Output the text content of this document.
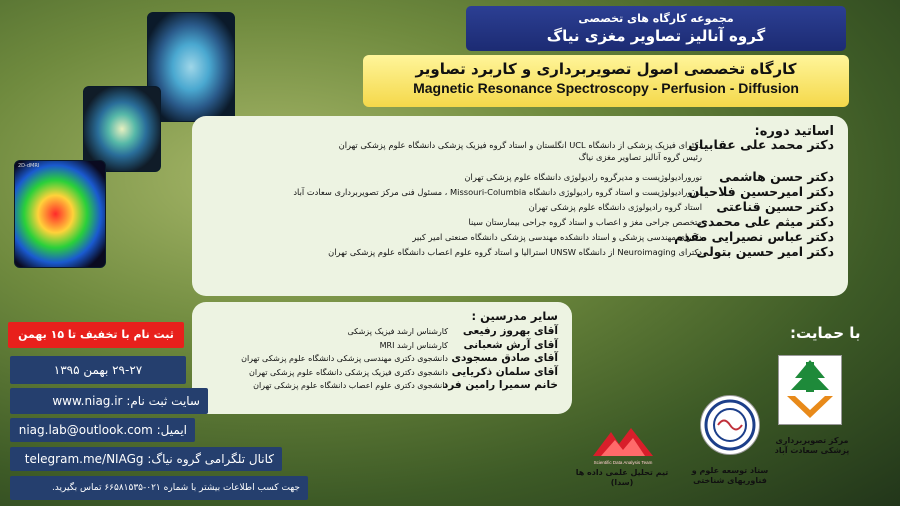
2D-dMRI
مجموعه کارگاه های تخصصی
گروه آنالیز تصاویر مغزی نیاگ
کارگاه تخصصی اصول تصویربرداری و کاربرد تصاویر
Magnetic Resonance Spectroscopy - Perfusion - Diffusion
اساتید دوره:
دکتر محمد علی عقابیان
دکترای فیزیک پزشکی از دانشگاه UCL انگلستان و استاد گروه فیزیک پزشکی دانشگاه علوم پزشکی تهران
رئیس گروه آنالیز تصاویر مغزی نیاگ
دکتر حسن هاشمی
نورورادیولوژیست و مدیرگروه رادیولوژی دانشگاه علوم پزشکی تهران
دکتر امیرحسین فلاحیان
نورورادیولوژیست و استاد گروه رادیولوژی دانشگاه Missouri-Columbia ، مسئول فنی مرکز تصویربرداری سعادت آباد
دکتر حسین قناعتی
استاد گروه رادیولوژی دانشگاه علوم پزشکی تهران
دکتر میثم علی محمدی
متخصص جراحی مغز و اعصاب و استاد گروه جراحی بیمارستان سینا
دکتر عباس نصیرایی مقدم
دکترای مهندسی پزشکی و استاد دانشکده مهندسی پزشکی دانشگاه صنعتی امیر کبیر
دکتر امیر حسین بتولی
دکترای Neuroimaging از دانشگاه UNSW استرالیا و استاد گروه علوم اعصاب دانشگاه علوم پزشکی تهران
سایر مدرسین :
آقای بهروز رفیعی
کارشناس ارشد فیزیک پزشکی
آقای آرش شعبانی
کارشناس ارشد MRI
آقای صادق مسجودی
دانشجوی دکتری مهندسی پزشکی دانشگاه علوم پزشکی تهران
آقای سلمان ذکریایی
دانشجوی دکتری فیزیک پزشکی دانشگاه علوم پزشکی تهران
خانم سمیرا رامین فرد
دانشجوی دکتری علوم اعصاب دانشگاه علوم پزشکی تهران
ثبت نام با تخفیف تا ۱۵ بهمن
۲۹-۲۷ بهمن ۱۳۹۵
سایت ثبت نام: www.niag.ir
ایمیل: niag.lab@outlook.com
کانال تلگرامی گروه نیاگ: telegram.me/NIAGg
جهت کسب اطلاعات بیشتر با شماره ۰۲۱-۶۶۵۸۱۵۳۵ تماس بگیرید.
با حمایت:
مرکز تصویربرداری پزشکی سعادت آباد
ستاد توسعه علوم و فناوریهای شناختی
Scientific Data Analysis Team
تیم تحلیل علمی داده ها (سدا)
